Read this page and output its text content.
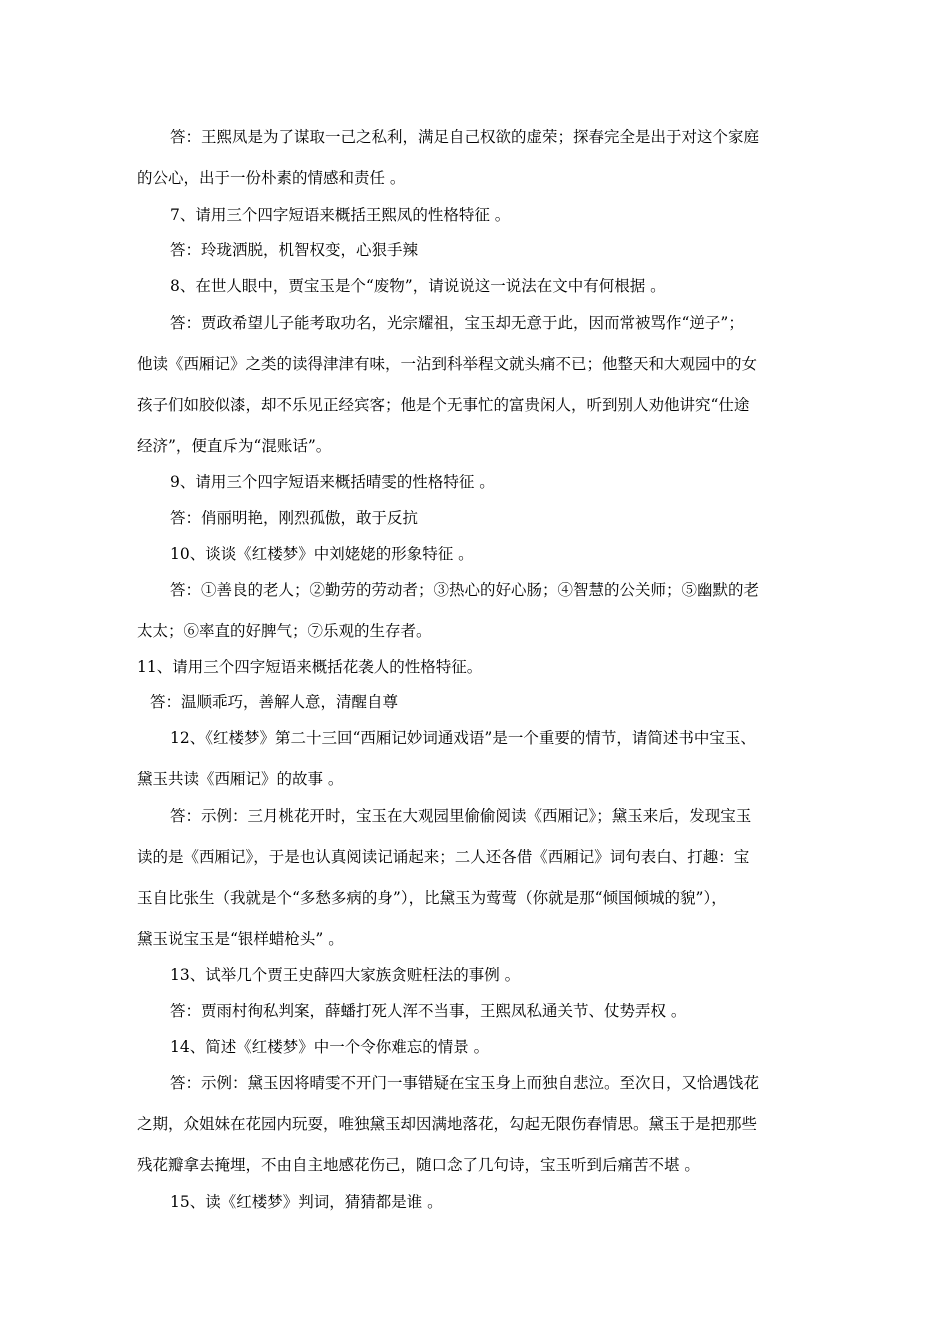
答：王熙凤是为了谋取一己之私利，满足自己权欲的虚荣；探春完全是出于对这个家庭
的公心，出于一份朴素的情感和责任 。
7、请用三个四字短语来概括王熙凤的性格特征 。
答：玲珑洒脱，机智权变，心狠手辣
8、在世人眼中，贾宝玉是个“废物”，请说说这一说法在文中有何根据 。
答：贾政希望儿子能考取功名，光宗耀祖，宝玉却无意于此，因而常被骂作“逆子”；
他读《西厢记》之类的读得津津有味，一沾到科举程文就头痛不已；他整天和大观园中的女
孩子们如胶似漆，却不乐见正经宾客；他是个无事忙的富贵闲人，听到别人劝他讲究“仕途
经济”，便直斥为“混账话”。
9、请用三个四字短语来概括晴雯的性格特征 。
答：俏丽明艳，刚烈孤傲，敢于反抗
10、谈谈《红楼梦》中刘姥姥的形象特征 。
答：①善良的老人；②勤劳的劳动者；③热心的好心肠；④智慧的公关师；⑤幽默的老
太太；⑥率直的好脾气；⑦乐观的生存者。
11、请用三个四字短语来概括花袭人的性格特征。
答：温顺乖巧，善解人意，清醒自尊
12、《红楼梦》第二十三回“西厢记妙词通戏语”是一个重要的情节，请简述书中宝玉、
黛玉共读《西厢记》的故事 。
答：示例：三月桃花开时，宝玉在大观园里偷偷阅读《西厢记》；黛玉来后，发现宝玉
读的是《西厢记》，于是也认真阅读记诵起来；二人还各借《西厢记》词句表白、打趣：宝
玉自比张生（我就是个“多愁多病的身”），比黛玉为莺莺（你就是那“倾国倾城的貌”），
黛玉说宝玉是“银样蜡枪头” 。
13、试举几个贾王史薛四大家族贪赃枉法的事例 。
答：贾雨村徇私判案，薛蟠打死人浑不当事，王熙凤私通关节、仗势弄权 。
14、简述《红楼梦》中一个令你难忘的情景 。
答：示例：黛玉因将晴雯不开门一事错疑在宝玉身上而独自悲泣。至次日，又恰遇饯花
之期，众姐妹在花园内玩耍，唯独黛玉却因满地落花，勾起无限伤春情思。黛玉于是把那些
残花瓣拿去掩埋，不由自主地感花伤己，随口念了几句诗，宝玉听到后痛苦不堪 。
15、读《红楼梦》判词，猜猜都是谁 。
